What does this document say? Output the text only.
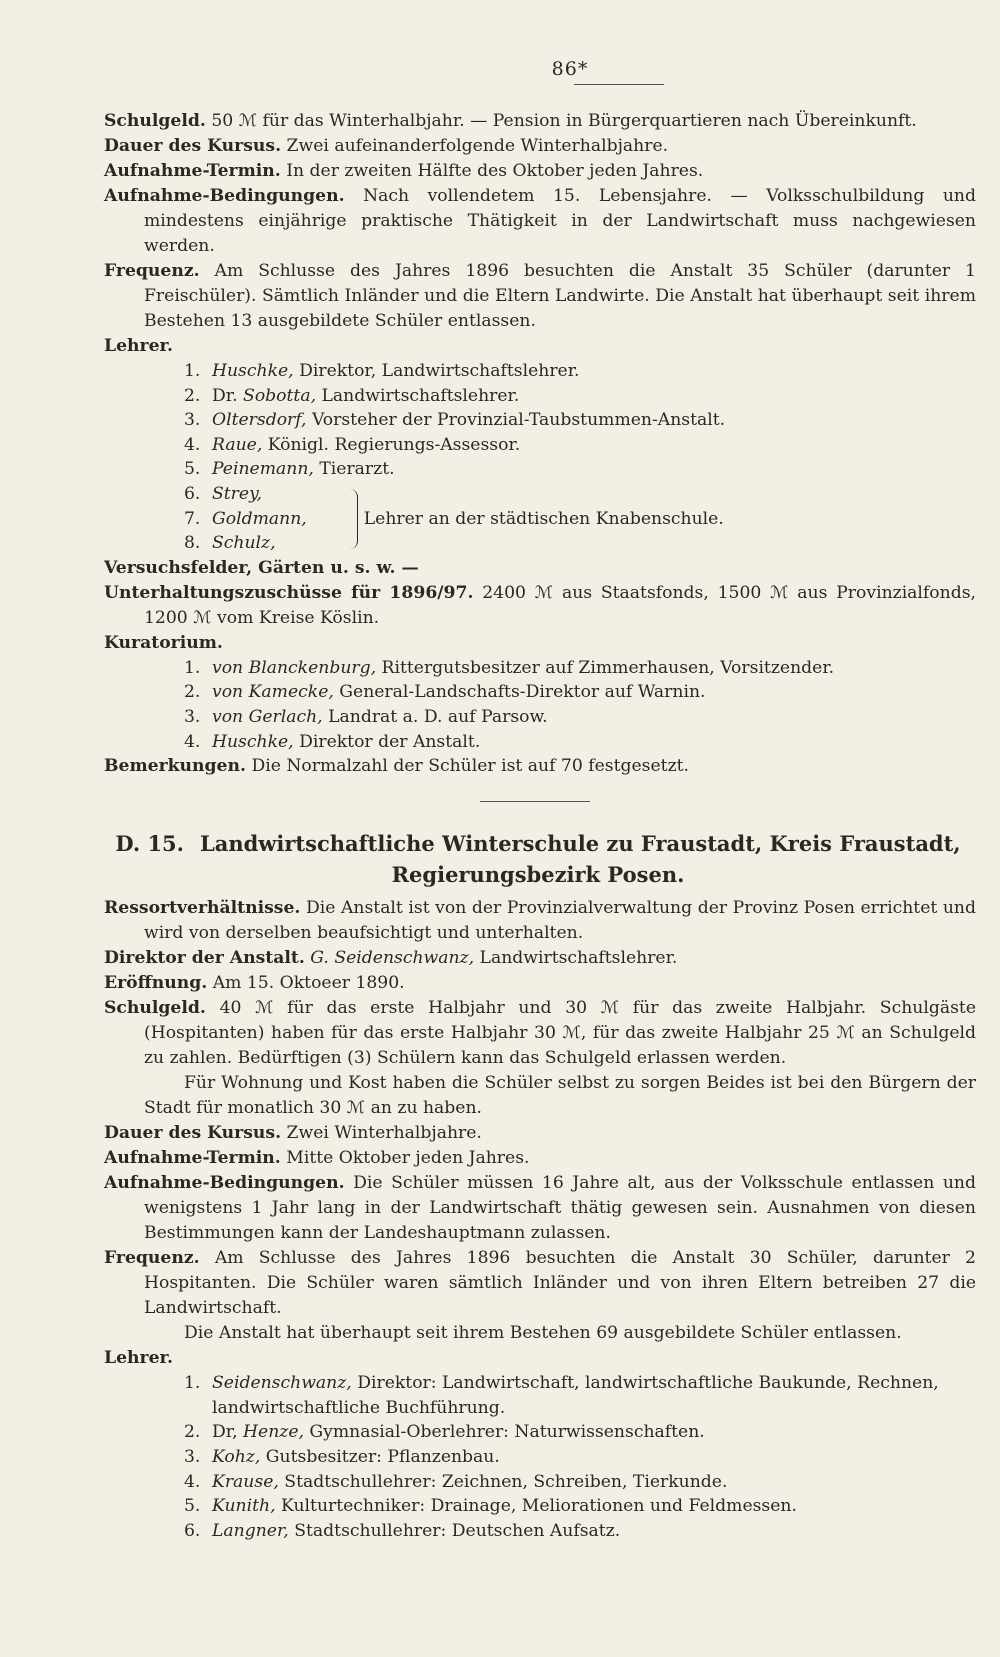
86*

Schulgeld. 50 ℳ für das Winterhalbjahr. — Pension in Bürgerquartieren nach Übereinkunft.

Dauer des Kursus. Zwei aufeinanderfolgende Winterhalbjahre.

Aufnahme-Termin. In der zweiten Hälfte des Oktober jeden Jahres.

Aufnahme-Bedingungen. Nach vollendetem 15. Lebensjahre. — Volksschulbildung und mindestens einjährige praktische Thätigkeit in der Landwirtschaft muss nachgewiesen werden.

Frequenz. Am Schlusse des Jahres 1896 besuchten die Anstalt 35 Schüler (darunter 1 Freischüler). Sämtlich Inländer und die Eltern Landwirte. Die Anstalt hat überhaupt seit ihrem Bestehen 13 ausgebildete Schüler entlassen.

Lehrer.

1. Huschke, Direktor, Landwirtschaftslehrer.
2. Dr. Sobotta, Landwirtschaftslehrer.
3. Oltersdorf, Vorsteher der Provinzial-Taubstummen-Anstalt.
4. Raue, Königl. Regierungs-Assessor.
5. Peinemann, Tierarzt.
6. Strey,
7. Goldmann,
8. Schulz,
Lehrer an der städtischen Knabenschule.

Versuchsfelder, Gärten u. s. w. —

Unterhaltungszuschüsse für 1896/97. 2400 ℳ aus Staatsfonds, 1500 ℳ aus Provinzialfonds, 1200 ℳ vom Kreise Köslin.

Kuratorium.

1. von Blanckenburg, Rittergutsbesitzer auf Zimmerhausen, Vorsitzender.
2. von Kamecke, General-Landschafts-Direktor auf Warnin.
3. von Gerlach, Landrat a. D. auf Parsow.
4. Huschke, Direktor der Anstalt.

Bemerkungen. Die Normalzahl der Schüler ist auf 70 festgesetzt.

D. 15. Landwirtschaftliche Winterschule zu Fraustadt, Kreis Fraustadt,
Regierungsbezirk Posen.

Ressortverhältnisse. Die Anstalt ist von der Provinzialverwaltung der Provinz Posen errichtet und wird von derselben beaufsichtigt und unterhalten.

Direktor der Anstalt. G. Seidenschwanz, Landwirtschaftslehrer.

Eröffnung. Am 15. Oktoeer 1890.

Schulgeld. 40 ℳ für das erste Halbjahr und 30 ℳ für das zweite Halbjahr. Schulgäste (Hospitanten) haben für das erste Halbjahr 30 ℳ, für das zweite Halbjahr 25 ℳ an Schulgeld zu zahlen. Bedürftigen (3) Schülern kann das Schulgeld erlassen werden.

Für Wohnung und Kost haben die Schüler selbst zu sorgen Beides ist bei den Bürgern der Stadt für monatlich 30 ℳ an zu haben.

Dauer des Kursus. Zwei Winterhalbjahre.

Aufnahme-Termin. Mitte Oktober jeden Jahres.

Aufnahme-Bedingungen. Die Schüler müssen 16 Jahre alt, aus der Volksschule entlassen und wenigstens 1 Jahr lang in der Landwirtschaft thätig gewesen sein. Ausnahmen von diesen Bestimmungen kann der Landeshauptmann zulassen.

Frequenz. Am Schlusse des Jahres 1896 besuchten die Anstalt 30 Schüler, darunter 2 Hospitanten. Die Schüler waren sämtlich Inländer und von ihren Eltern betreiben 27 die Landwirtschaft.

Die Anstalt hat überhaupt seit ihrem Bestehen 69 ausgebildete Schüler entlassen.

Lehrer.

1. Seidenschwanz, Direktor: Landwirtschaft, landwirtschaftliche Baukunde, Rechnen, landwirtschaftliche Buchführung.
2. Dr, Henze, Gymnasial-Oberlehrer: Naturwissenschaften.
3. Kohz, Gutsbesitzer: Pflanzenbau.
4. Krause, Stadtschullehrer: Zeichnen, Schreiben, Tierkunde.
5. Kunith, Kulturtechniker: Drainage, Meliorationen und Feldmessen.
6. Langner, Stadtschullehrer: Deutschen Aufsatz.
